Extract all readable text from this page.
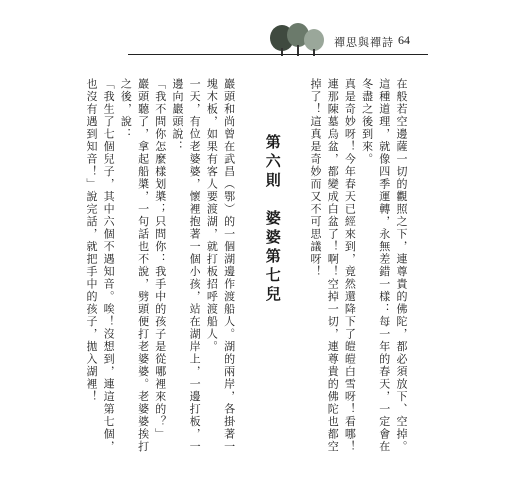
禪思與禪詩 64

在般若空邊薩一切的觀照之下，連尊貴的佛陀，都必須放下、空掉。這種道理，就像四季運轉，永無差錯一樣：每一年的春天，一定會在冬盡之後到來。

真是奇妙呀！今年春天已經來到，竟然還降下了皚皚白雪呀！看哪！連那陳墓烏盆，都變成白盆了！啊！空掉一切，連尊貴的佛陀也都空掉了！這真是奇妙而又不可思議呀！

第六則　婆婆第七兒

巖頭和尚曾在武昌（鄂）的一個湖邊作渡船人。湖的兩岸，各掛著一塊木板，如果有客人要渡湖，就打板招呼渡船人。

一天，有位老婆婆，懷裡抱著一個小孩，站在湖岸上，一邊打板，一邊向巖頭說：

「我不問你怎麼樣划槳；只問你：我手中的孩子是從哪裡來的？」

巖頭聽了，拿起船槳，一句話也不說，劈頭便打老婆婆。老婆婆挨打之後，說：

「我生了七個兒子，其中六個不遇知音。唉！沒想到，連這第七個，也沒有遇到知音！」說完話，就把手中的孩子，拋入湖裡！
